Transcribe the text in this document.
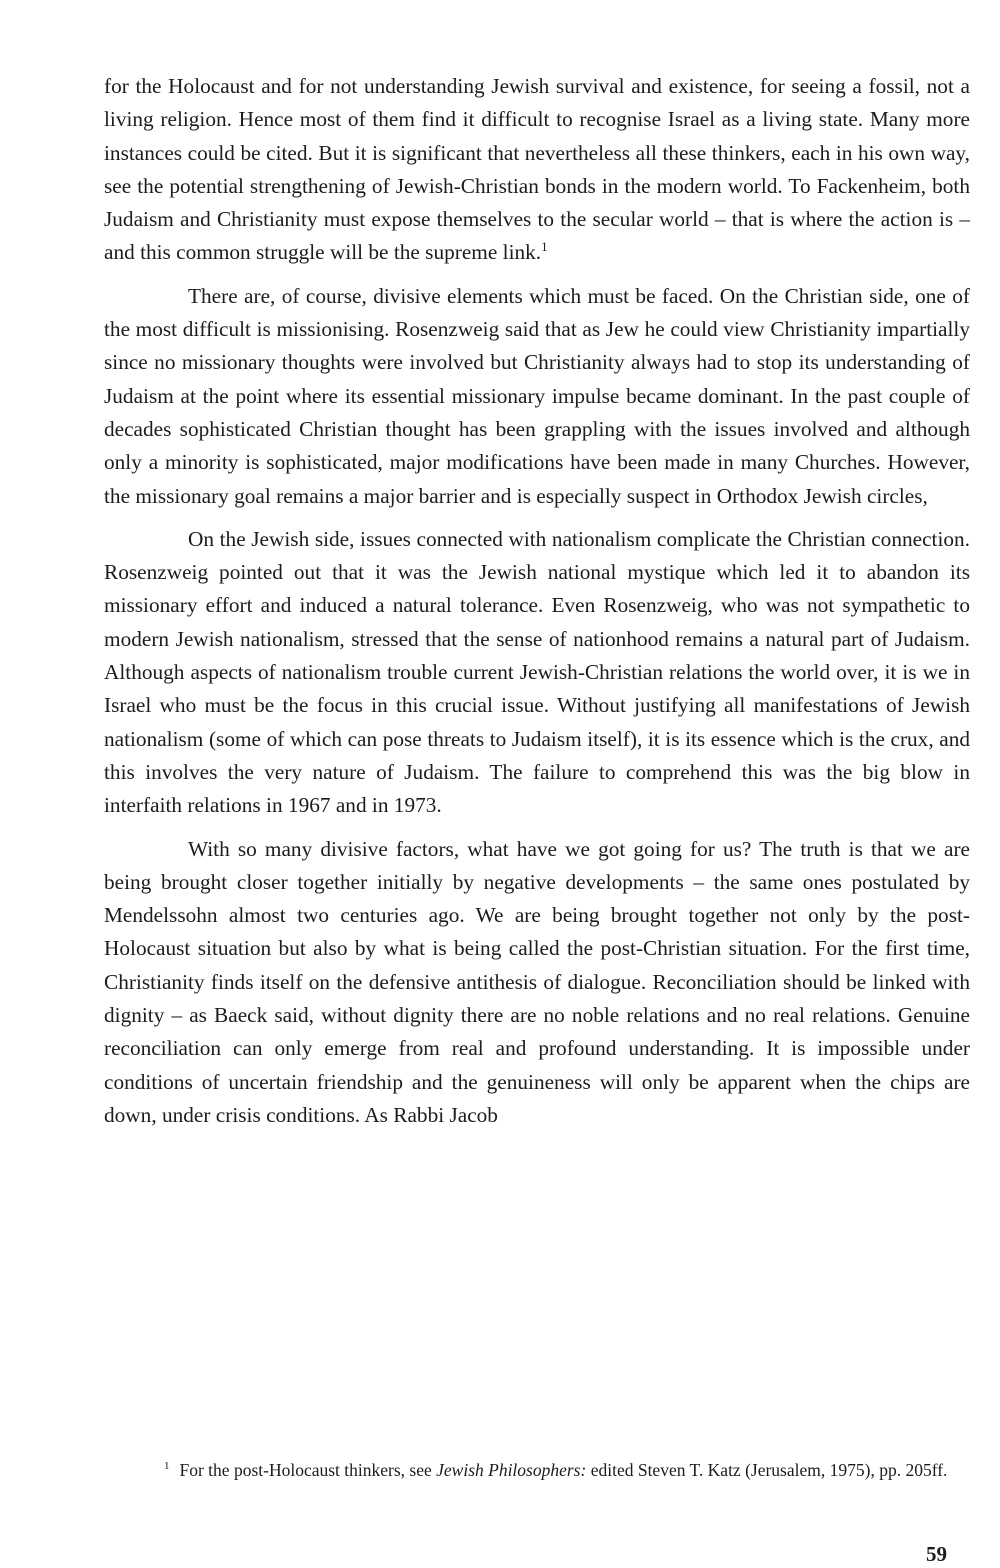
for the Holocaust and for not understanding Jewish survival and existence, for seeing a fossil, not a living religion. Hence most of them find it difficult to recognise Israel as a living state. Many more instances could be cited. But it is significant that nevertheless all these thinkers, each in his own way, see the potential strengthening of Jewish-Christian bonds in the modern world. To Fackenheim, both Judaism and Christianity must expose themselves to the secular world – that is where the action is – and this common struggle will be the supreme link.$^1$

There are, of course, divisive elements which must be faced. On the Christian side, one of the most difficult is missionising. Rosenzweig said that as Jew he could view Christianity impartially since no missionary thoughts were involved but Christianity always had to stop its understanding of Judaism at the point where its essential missionary impulse became dominant. In the past couple of decades sophisticated Christian thought has been grappling with the issues involved and although only a minority is sophisticated, major modifications have been made in many Churches. However, the missionary goal remains a major barrier and is especially suspect in Orthodox Jewish circles,

On the Jewish side, issues connected with nationalism complicate the Christian connection. Rosenzweig pointed out that it was the Jewish national mystique which led it to abandon its missionary effort and induced a natural tolerance. Even Rosenzweig, who was not sympathetic to modern Jewish nationalism, stressed that the sense of nationhood remains a natural part of Judaism. Although aspects of nationalism trouble current Jewish-Christian relations the world over, it is we in Israel who must be the focus in this crucial issue. Without justifying all manifestations of Jewish nationalism (some of which can pose threats to Judaism itself), it is its essence which is the crux, and this involves the very nature of Judaism. The failure to comprehend this was the big blow in interfaith relations in 1967 and in 1973.

With so many divisive factors, what have we got going for us? The truth is that we are being brought closer together initially by negative developments – the same ones postulated by Mendelssohn almost two centuries ago. We are being brought together not only by the post-Holocaust situation but also by what is being called the post-Christian situation. For the first time, Christianity finds itself on the defensive antithesis of dialogue. Reconciliation should be linked with dignity – as Baeck said, without dignity there are no noble relations and no real relations. Genuine reconciliation can only emerge from real and profound understanding. It is impossible under conditions of uncertain friendship and the genuineness will only be apparent when the chips are down, under crisis conditions. As Rabbi Jacob

$^1$ For the post-Holocaust thinkers, see Jewish Philosophers: edited Steven T. Katz (Jerusalem, 1975), pp. 205ff.

59
